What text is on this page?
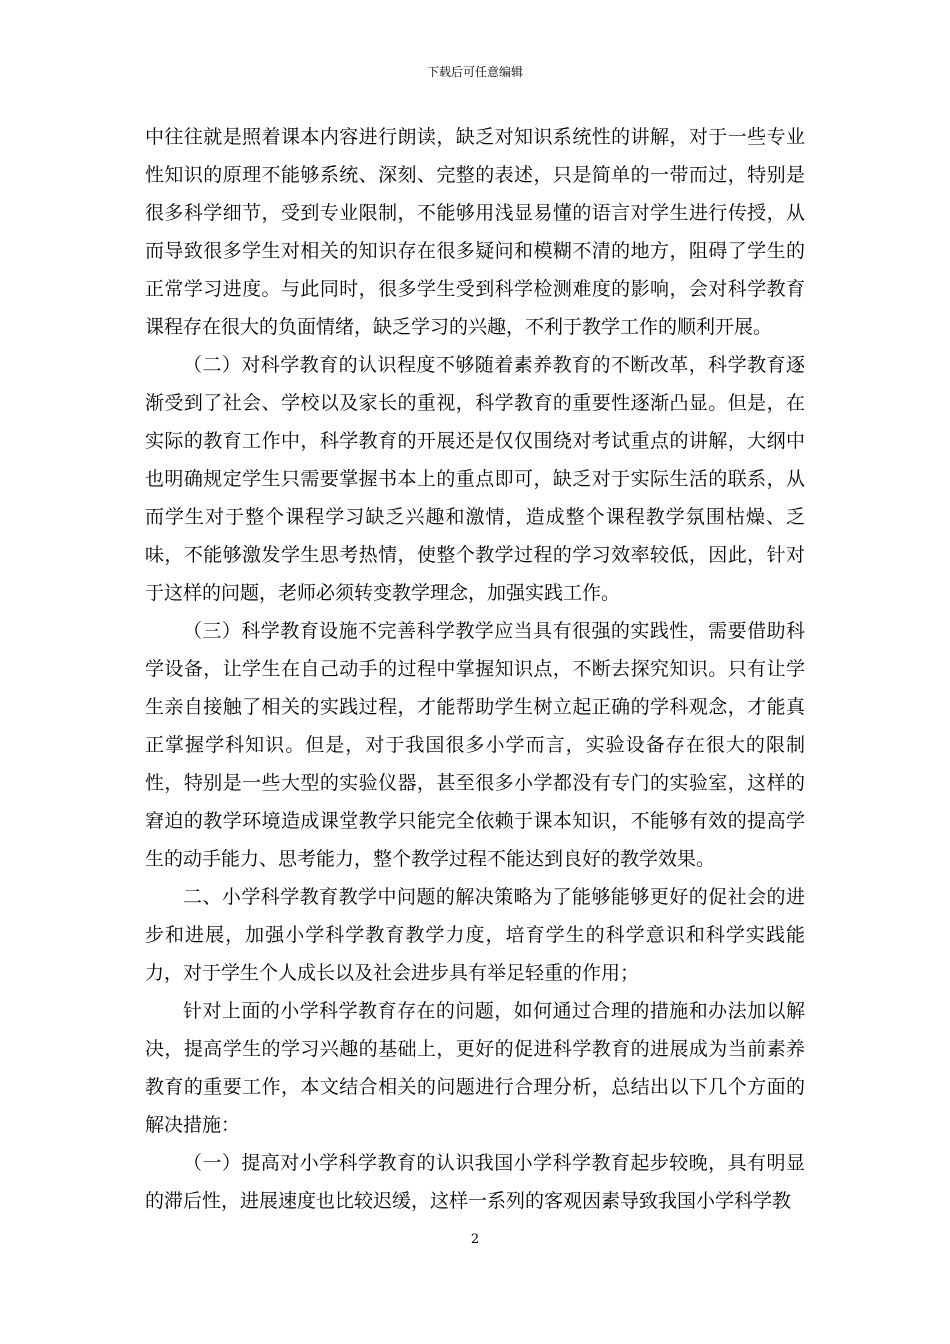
下载后可任意编辑

中往往就是照着课本内容进行朗读，缺乏对知识系统性的讲解，对于一些专业性知识的原理不能够系统、深刻、完整的表述，只是简单的一带而过，特别是很多科学细节，受到专业限制，不能够用浅显易懂的语言对学生进行传授，从而导致很多学生对相关的知识存在很多疑问和模糊不清的地方，阻碍了学生的正常学习进度。与此同时，很多学生受到科学检测难度的影响，会对科学教育课程存在很大的负面情绪，缺乏学习的兴趣，不利于教学工作的顺利开展。

（二）对科学教育的认识程度不够随着素养教育的不断改革，科学教育逐渐受到了社会、学校以及家长的重视，科学教育的重要性逐渐凸显。但是，在实际的教育工作中，科学教育的开展还是仅仅围绕对考试重点的讲解，大纲中也明确规定学生只需要掌握书本上的重点即可，缺乏对于实际生活的联系，从而学生对于整个课程学习缺乏兴趣和激情，造成整个课程教学氛围枯燥、乏味，不能够激发学生思考热情，使整个教学过程的学习效率较低，因此，针对于这样的问题，老师必须转变教学理念，加强实践工作。

（三）科学教育设施不完善科学教学应当具有很强的实践性，需要借助科学设备，让学生在自己动手的过程中掌握知识点，不断去探究知识。只有让学生亲自接触了相关的实践过程，才能帮助学生树立起正确的学科观念，才能真正掌握学科知识。但是，对于我国很多小学而言，实验设备存在很大的限制性，特别是一些大型的实验仪器，甚至很多小学都没有专门的实验室，这样的窘迫的教学环境造成课堂教学只能完全依赖于课本知识，不能够有效的提高学生的动手能力、思考能力，整个教学过程不能达到良好的教学效果。

二、小学科学教育教学中问题的解决策略为了能够能够更好的促社会的进步和进展，加强小学科学教育教学力度，培育学生的科学意识和科学实践能力，对于学生个人成长以及社会进步具有举足轻重的作用；

针对上面的小学科学教育存在的问题，如何通过合理的措施和办法加以解决，提高学生的学习兴趣的基础上，更好的促进科学教育的进展成为当前素养教育的重要工作，本文结合相关的问题进行合理分析，总结出以下几个方面的解决措施：

（一）提高对小学科学教育的认识我国小学科学教育起步较晚，具有明显的滞后性，进展速度也比较迟缓，这样一系列的客观因素导致我国小学科学教

2
